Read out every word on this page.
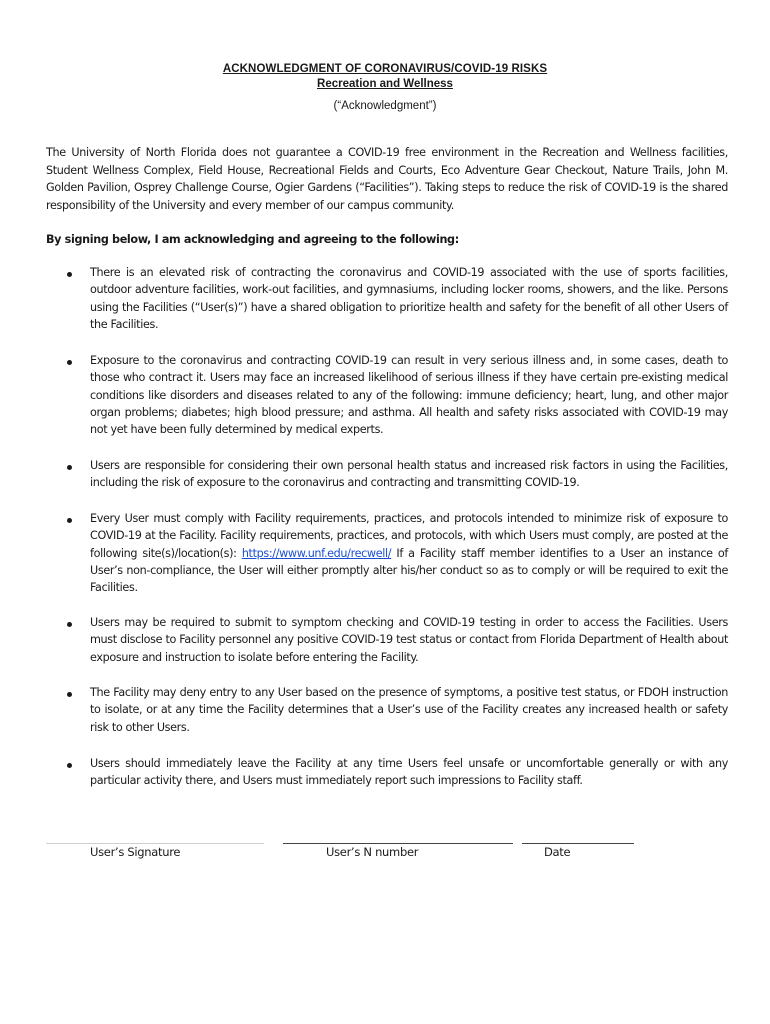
ACKNOWLEDGMENT OF CORONAVIRUS/COVID-19 RISKS
Recreation and Wellness
(“Acknowledgment”)
The University of North Florida does not guarantee a COVID-19 free environment in the Recreation and Wellness facilities, Student Wellness Complex, Field House, Recreational Fields and Courts, Eco Adventure Gear Checkout, Nature Trails, John M. Golden Pavilion, Osprey Challenge Course, Ogier Gardens (“Facilities”). Taking steps to reduce the risk of COVID-19 is the shared responsibility of the University and every member of our campus community.
By signing below, I am acknowledging and agreeing to the following:
There is an elevated risk of contracting the coronavirus and COVID-19 associated with the use of sports facilities, outdoor adventure facilities, work-out facilities, and gymnasiums, including locker rooms, showers, and the like. Persons using the Facilities (“User(s)”) have a shared obligation to prioritize health and safety for the benefit of all other Users of the Facilities.
Exposure to the coronavirus and contracting COVID-19 can result in very serious illness and, in some cases, death to those who contract it. Users may face an increased likelihood of serious illness if they have certain pre-existing medical conditions like disorders and diseases related to any of the following: immune deficiency; heart, lung, and other major organ problems; diabetes; high blood pressure; and asthma. All health and safety risks associated with COVID-19 may not yet have been fully determined by medical experts.
Users are responsible for considering their own personal health status and increased risk factors in using the Facilities, including the risk of exposure to the coronavirus and contracting and transmitting COVID-19.
Every User must comply with Facility requirements, practices, and protocols intended to minimize risk of exposure to COVID-19 at the Facility. Facility requirements, practices, and protocols, with which Users must comply, are posted at the following site(s)/location(s): https://www.unf.edu/recwell/ If a Facility staff member identifies to a User an instance of User’s non-compliance, the User will either promptly alter his/her conduct so as to comply or will be required to exit the Facilities.
Users may be required to submit to symptom checking and COVID-19 testing in order to access the Facilities. Users must disclose to Facility personnel any positive COVID-19 test status or contact from Florida Department of Health about exposure and instruction to isolate before entering the Facility.
The Facility may deny entry to any User based on the presence of symptoms, a positive test status, or FDOH instruction to isolate, or at any time the Facility determines that a User’s use of the Facility creates any increased health or safety risk to other Users.
Users should immediately leave the Facility at any time Users feel unsafe or uncomfortable generally or with any particular activity there, and Users must immediately report such impressions to Facility staff.
User’s Signature	User’s N number	Date
